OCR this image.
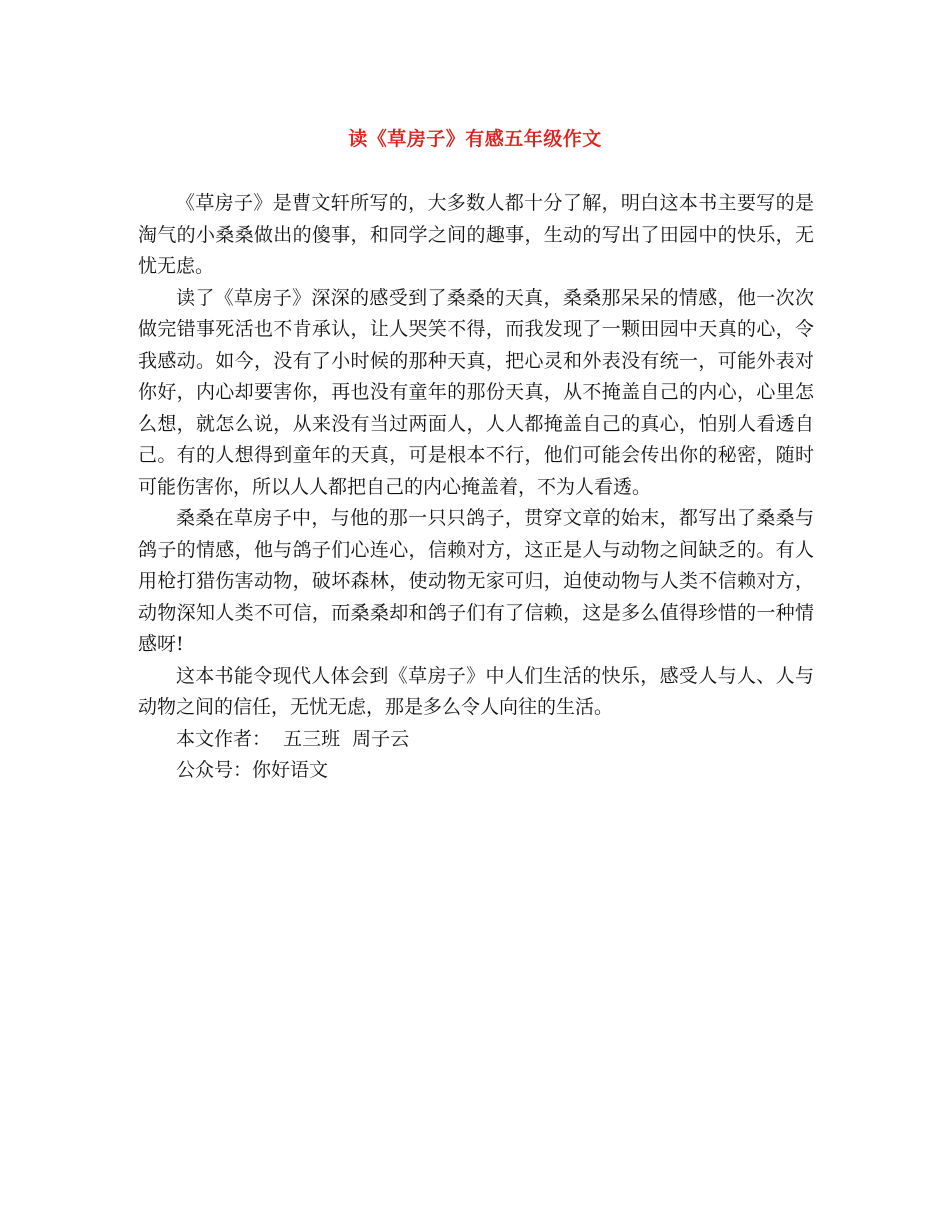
读《草房子》有感五年级作文

《草房子》是曹文轩所写的，大多数人都十分了解，明白这本书主要写的是淘气的小桑桑做出的傻事，和同学之间的趣事，生动的写出了田园中的快乐，无忧无虑。

读了《草房子》深深的感受到了桑桑的天真，桑桑那呆呆的情感，他一次次做完错事死活也不肯承认，让人哭笑不得，而我发现了一颗田园中天真的心，令我感动。如今，没有了小时候的那种天真，把心灵和外表没有统一，可能外表对你好，内心却要害你，再也没有童年的那份天真，从不掩盖自己的内心，心里怎么想，就怎么说，从来没有当过两面人，人人都掩盖自己的真心，怕别人看透自己。有的人想得到童年的天真，可是根本不行，他们可能会传出你的秘密，随时可能伤害你，所以人人都把自己的内心掩盖着，不为人看透。

桑桑在草房子中，与他的那一只只鸽子，贯穿文章的始末，都写出了桑桑与鸽子的情感，他与鸽子们心连心，信赖对方，这正是人与动物之间缺乏的。有人用枪打猎伤害动物，破坏森林，使动物无家可归，迫使动物与人类不信赖对方，动物深知人类不可信，而桑桑却和鸽子们有了信赖，这是多么值得珍惜的一种情感呀!

这本书能令现代人体会到《草房子》中人们生活的快乐，感受人与人、人与动物之间的信任，无忧无虑，那是多么令人向往的生活。

本文作者：  五三班  周子云

公众号：你好语文
